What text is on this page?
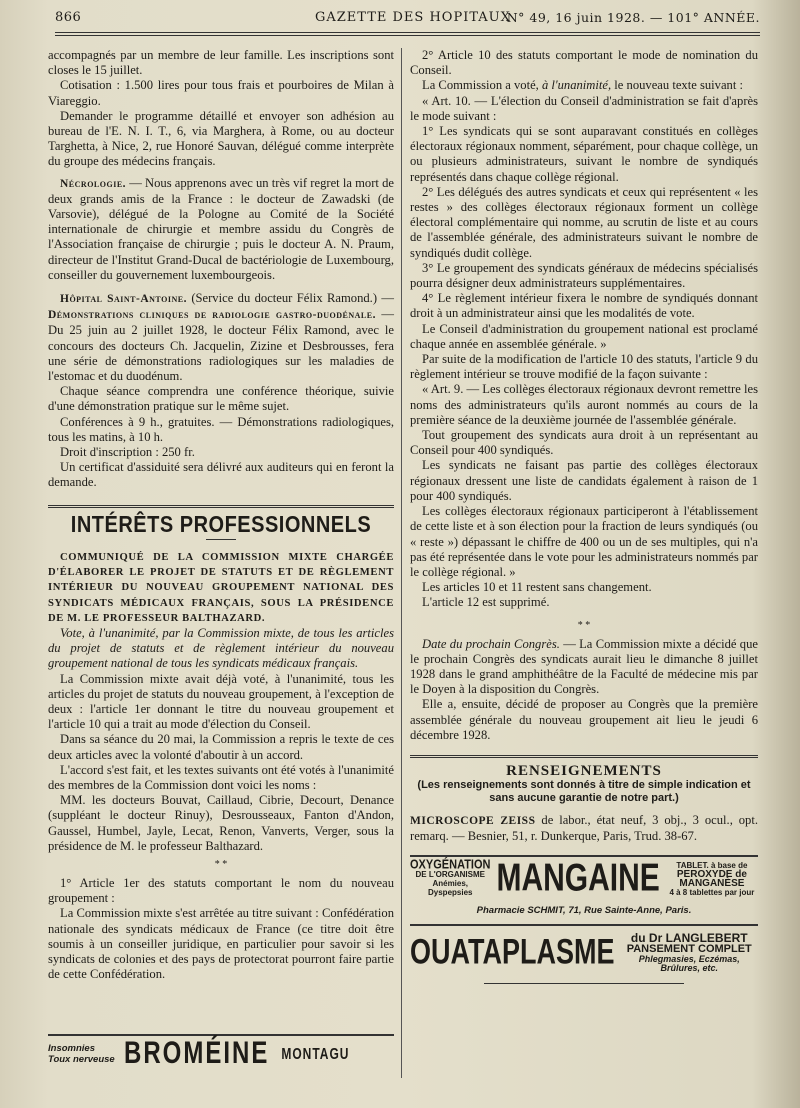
866	GAZETTE DES HOPITAUX
N° 49, 16 juin 1928. — 101° ANNÉE.

accompagnés par un membre de leur famille. Les inscriptions sont closes le 15 juillet.

Cotisation : 1.500 lires pour tous frais et pourboires de Milan à Viareggio.

Demander le programme détaillé et envoyer son adhésion au bureau de l'E. N. I. T., 6, via Marghera, à Rome, ou au docteur Targhetta, à Nice, 2, rue Honoré Sauvan, délégué comme interprète du groupe des médecins français.

Nécrologie. — Nous apprenons avec un très vif regret la mort de deux grands amis de la France : le docteur de Zawadski (de Varsovie), délégué de la Pologne au Comité de la Société internationale de chirurgie et membre assidu du Congrès de l'Association française de chirurgie ; puis le docteur A. N. Praum, directeur de l'Institut Grand-Ducal de bactériologie de Luxembourg, conseiller du gouvernement luxembourgeois.

Hôpital Saint-Antoine. (Service du docteur Félix Ramond.) — Démonstrations cliniques de radiologie gastro-duodénale. — Du 25 juin au 2 juillet 1928, le docteur Félix Ramond, avec le concours des docteurs Ch. Jacquelin, Zizine et Desbrousses, fera une série de démonstrations radiologiques sur les maladies de l'estomac et du duodénum.

Chaque séance comprendra une conférence théorique, suivie d'une démonstration pratique sur le même sujet.

Conférences à 9 h., gratuites. — Démonstrations radiologiques, tous les matins, à 10 h.

Droit d'inscription : 250 fr.

Un certificat d'assiduité sera délivré aux auditeurs qui en feront la demande.

INTÉRÊTS PROFESSIONNELS

COMMUNIQUÉ DE LA COMMISSION MIXTE CHARGÉE D'ÉLABORER LE PROJET DE STATUTS ET DE RÈGLEMENT INTÉRIEUR DU NOUVEAU GROUPEMENT NATIONAL DES SYNDICATS MÉDICAUX FRANÇAIS, SOUS LA PRÉSIDENCE DE M. LE PROFESSEUR BALTHAZARD.

Vote, à l'unanimité, par la Commission mixte, de tous les articles du projet de statuts et de règlement intérieur du nouveau groupement national de tous les syndicats médicaux français.

La Commission mixte avait déjà voté, à l'unanimité, tous les articles du projet de statuts du nouveau groupement, à l'exception de deux : l'article 1er donnant le titre du nouveau groupement et l'article 10 qui a trait au mode d'élection du Conseil.

Dans sa séance du 20 mai, la Commission a repris le texte de ces deux articles avec la volonté d'aboutir à un accord.

L'accord s'est fait, et les textes suivants ont été votés à l'unanimité des membres de la Commission dont voici les noms :

MM. les docteurs Bouvat, Caillaud, Cibrie, Decourt, Denance (suppléant le docteur Rinuy), Desrousseaux, Fanton d'Andon, Gaussel, Humbel, Jayle, Lecat, Renon, Vanverts, Verger, sous la présidence de M. le professeur Balthazard.

* *

1° Article 1er des statuts comportant le nom du nouveau groupement :

La Commission mixte s'est arrêtée au titre suivant : Confédération nationale des syndicats médicaux de France (ce titre doit être soumis à un conseiller juridique, en particulier pour savoir si les syndicats de colonies et des pays de protectorat pourront faire partie de cette Confédération.

Insomnies
Toux nerveuse BROMÉINE MONTAGU

2° Article 10 des statuts comportant le mode de nomination du Conseil.

La Commission a voté, à l'unanimité, le nouveau texte suivant :

« Art. 10. — L'élection du Conseil d'administration se fait d'après le mode suivant :

1° Les syndicats qui se sont auparavant constitués en collèges électoraux régionaux nomment, séparément, pour chaque collège, un ou plusieurs administrateurs, suivant le nombre de syndiqués représentés dans chaque collège régional.

2° Les délégués des autres syndicats et ceux qui représentent « les restes » des collèges électoraux régionaux forment un collège électoral complémentaire qui nomme, au scrutin de liste et au cours de l'assemblée générale, des administrateurs suivant le nombre de syndiqués dudit collège.

3° Le groupement des syndicats généraux de médecins spécialisés pourra désigner deux administrateurs supplémentaires.

4° Le règlement intérieur fixera le nombre de syndiqués donnant droit à un administrateur ainsi que les modalités de vote.

Le Conseil d'administration du groupement national est proclamé chaque année en assemblée générale. »

Par suite de la modification de l'article 10 des statuts, l'article 9 du règlement intérieur se trouve modifié de la façon suivante :

« Art. 9. — Les collèges électoraux régionaux devront remettre les noms des administrateurs qu'ils auront nommés au cours de la première séance de la deuxième journée de l'assemblée générale.

Tout groupement des syndicats aura droit à un représentant au Conseil pour 400 syndiqués.

Les syndicats ne faisant pas partie des collèges électoraux régionaux dressent une liste de candidats également à raison de 1 pour 400 syndiqués.

Les collèges électoraux régionaux participeront à l'établissement de cette liste et à son élection pour la fraction de leurs syndiqués (ou « reste ») dépassant le chiffre de 400 ou un de ses multiples, qui n'a pas été représentée dans le vote pour les administrateurs nommés par le collège régional. »

Les articles 10 et 11 restent sans changement.

L'article 12 est supprimé.

* *

Date du prochain Congrès. — La Commission mixte a décidé que le prochain Congrès des syndicats aurait lieu le dimanche 8 juillet 1928 dans le grand amphithéâtre de la Faculté de médecine mis par le Doyen à la disposition du Congrès.

Elle a, ensuite, décidé de proposer au Congrès que la première assemblée générale du nouveau groupement ait lieu le jeudi 6 décembre 1928.

RENSEIGNEMENTS
(Les renseignements sont donnés à titre de simple indication et sans aucune garantie de notre part.)

MICROSCOPE ZEISS de labor., état neuf, 3 obj., 3 ocul., opt. remarq. — Besnier, 51, r. Dunkerque, Paris, Trud. 38-67.

OXYGÉNATION
DE L'ORGANISME
Anémies, Dyspepsies MANGAINE	TABLET. à base de
PEROXYDE de MANGANÈSE
4 à 8 tablettes par jour
Pharmacie SCHMIT, 71, Rue Sainte-Anne, Paris.
OUATAPLASME	du Dr LANGLEBERT
PANSEMENT COMPLET
Phlegmasies, Eczémas, Brûlures, etc.
